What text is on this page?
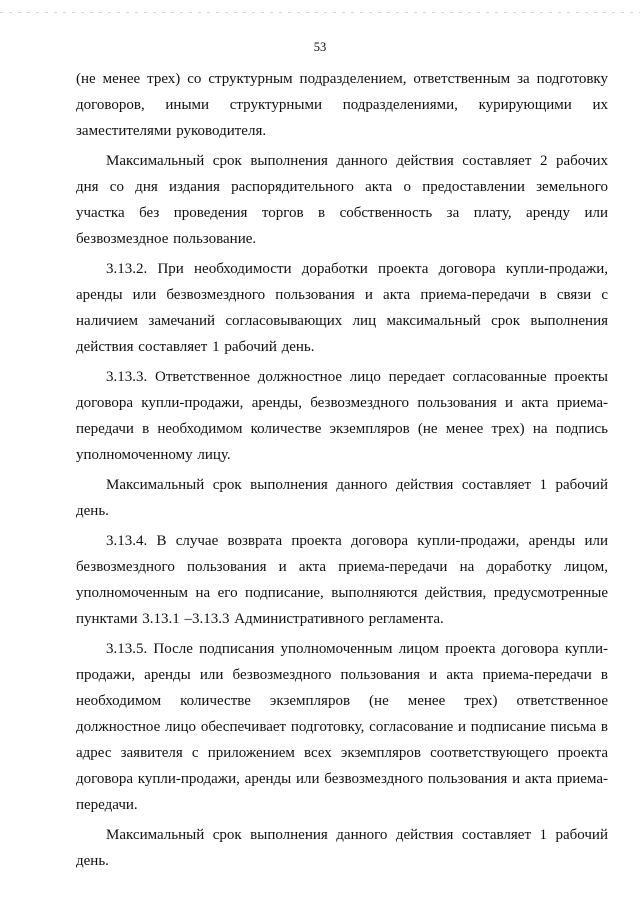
53

(не менее трех) со структурным подразделением, ответственным за подготовку договоров, иными структурными подразделениями, курирующими их заместителями руководителя.

Максимальный срок выполнения данного действия составляет 2 рабочих дня со дня издания распорядительного акта о предоставлении земельного участка без проведения торгов в собственность за плату, аренду или безвозмездное пользование.

3.13.2. При необходимости доработки проекта договора купли-продажи, аренды или безвозмездного пользования и акта приема-передачи в связи с наличием замечаний согласовывающих лиц максимальный срок выполнения действия составляет 1 рабочий день.

3.13.3. Ответственное должностное лицо передает согласованные проекты договора купли-продажи, аренды, безвозмездного пользования и акта приема-передачи в необходимом количестве экземпляров (не менее трех) на подпись уполномоченному лицу.

Максимальный срок выполнения данного действия составляет 1 рабочий день.

3.13.4. В случае возврата проекта договора купли-продажи, аренды или безвозмездного пользования и акта приема-передачи на доработку лицом, уполномоченным на его подписание, выполняются действия, предусмотренные пунктами 3.13.1 –3.13.3 Административного регламента.

3.13.5. После подписания уполномоченным лицом проекта договора купли-продажи, аренды или безвозмездного пользования и акта приема-передачи в необходимом количестве экземпляров (не менее трех) ответственное должностное лицо обеспечивает подготовку, согласование и подписание письма в адрес заявителя с приложением всех экземпляров соответствующего проекта договора купли-продажи, аренды или безвозмездного пользования и акта приема-передачи.

Максимальный срок выполнения данного действия составляет 1 рабочий день.
